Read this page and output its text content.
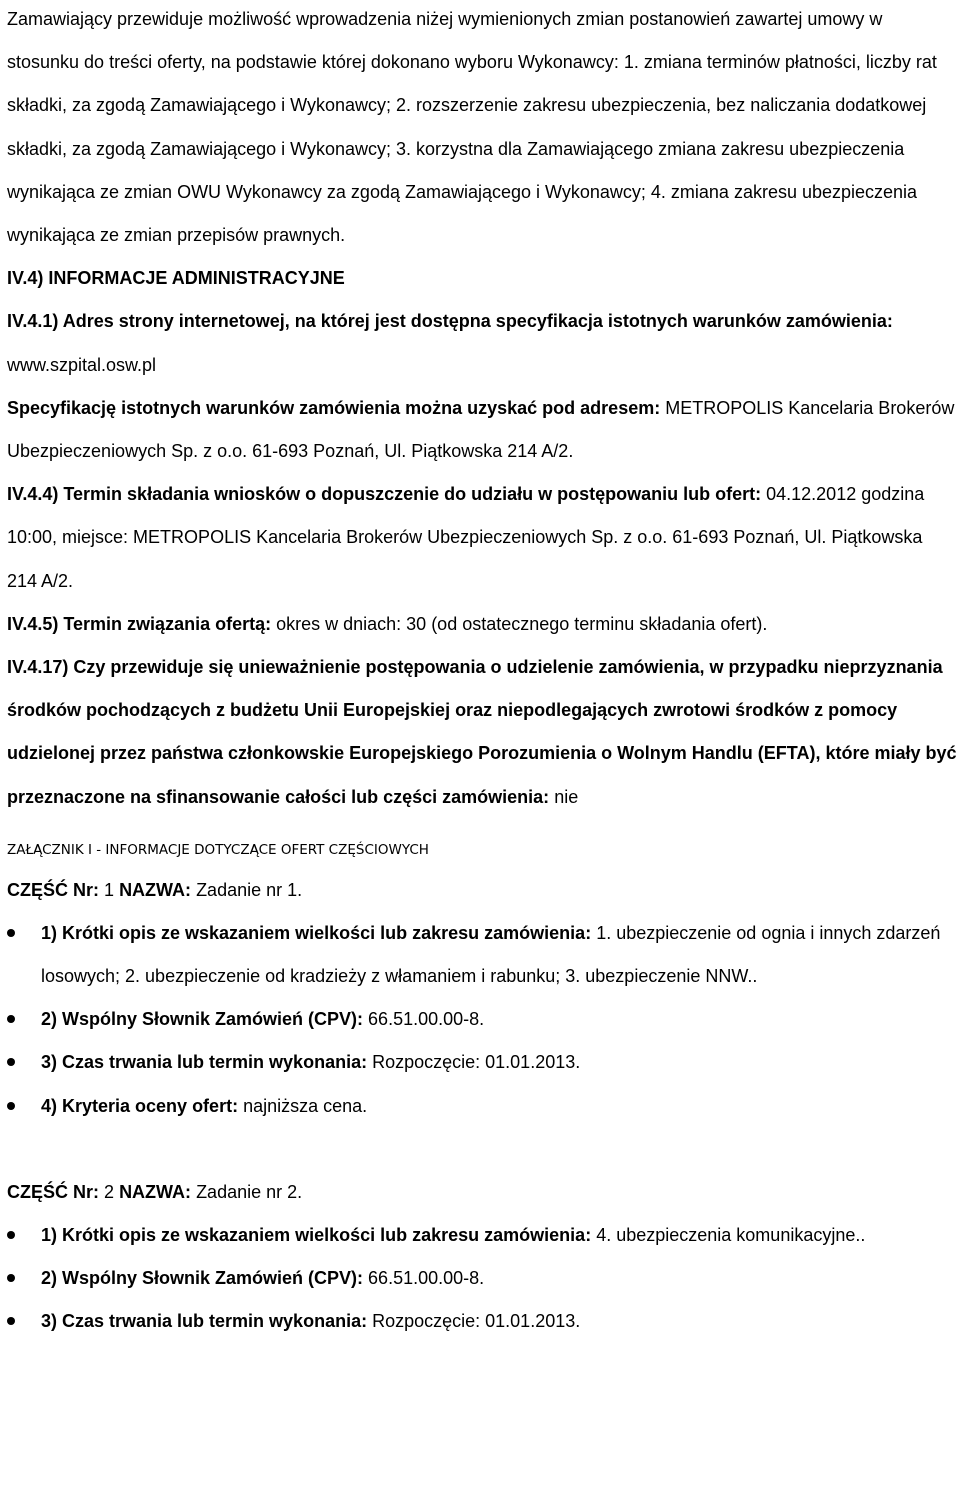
Zamawiający przewiduje możliwość wprowadzenia niżej wymienionych zmian postanowień zawartej umowy w stosunku do treści oferty, na podstawie której dokonano wyboru Wykonawcy: 1. zmiana terminów płatności, liczby rat składki, za zgodą Zamawiającego i Wykonawcy; 2. rozszerzenie zakresu ubezpieczenia, bez naliczania dodatkowej składki, za zgodą Zamawiającego i Wykonawcy; 3. korzystna dla Zamawiającego zmiana zakresu ubezpieczenia wynikająca ze zmian OWU Wykonawcy za zgodą Zamawiającego i Wykonawcy; 4. zmiana zakresu ubezpieczenia wynikająca ze zmian przepisów prawnych.

IV.4) INFORMACJE ADMINISTRACYJNE

IV.4.1) Adres strony internetowej, na której jest dostępna specyfikacja istotnych warunków zamówienia: www.szpital.osw.pl

Specyfikację istotnych warunków zamówienia można uzyskać pod adresem: METROPOLIS Kancelaria Brokerów Ubezpieczeniowych Sp. z o.o. 61-693 Poznań, Ul. Piątkowska 214 A/2.

IV.4.4) Termin składania wniosków o dopuszczenie do udziału w postępowaniu lub ofert: 04.12.2012 godzina 10:00, miejsce: METROPOLIS Kancelaria Brokerów Ubezpieczeniowych Sp. z o.o. 61-693 Poznań, Ul. Piątkowska 214 A/2.

IV.4.5) Termin związania ofertą: okres w dniach: 30 (od ostatecznego terminu składania ofert).

IV.4.17) Czy przewiduje się unieważnienie postępowania o udzielenie zamówienia, w przypadku nieprzyznania środków pochodzących z budżetu Unii Europejskiej oraz niepodlegających zwrotowi środków z pomocy udzielonej przez państwa członkowskie Europejskiego Porozumienia o Wolnym Handlu (EFTA), które miały być przeznaczone na sfinansowanie całości lub części zamówienia: nie

ZAŁĄCZNIK I - INFORMACJE DOTYCZĄCE OFERT CZĘŚCIOWYCH

CZĘŚĆ Nr: 1 NAZWA: Zadanie nr 1.

1) Krótki opis ze wskazaniem wielkości lub zakresu zamówienia: 1. ubezpieczenie od ognia i innych zdarzeń losowych; 2. ubezpieczenie od kradzieży z włamaniem i rabunku; 3. ubezpieczenie NNW..
2) Wspólny Słownik Zamówień (CPV): 66.51.00.00-8.
3) Czas trwania lub termin wykonania: Rozpoczęcie: 01.01.2013.
4) Kryteria oceny ofert: najniższa cena.

CZĘŚĆ Nr: 2 NAZWA: Zadanie nr 2.

1) Krótki opis ze wskazaniem wielkości lub zakresu zamówienia: 4. ubezpieczenia komunikacyjne..
2) Wspólny Słownik Zamówień (CPV): 66.51.00.00-8.
3) Czas trwania lub termin wykonania: Rozpoczęcie: 01.01.2013.
